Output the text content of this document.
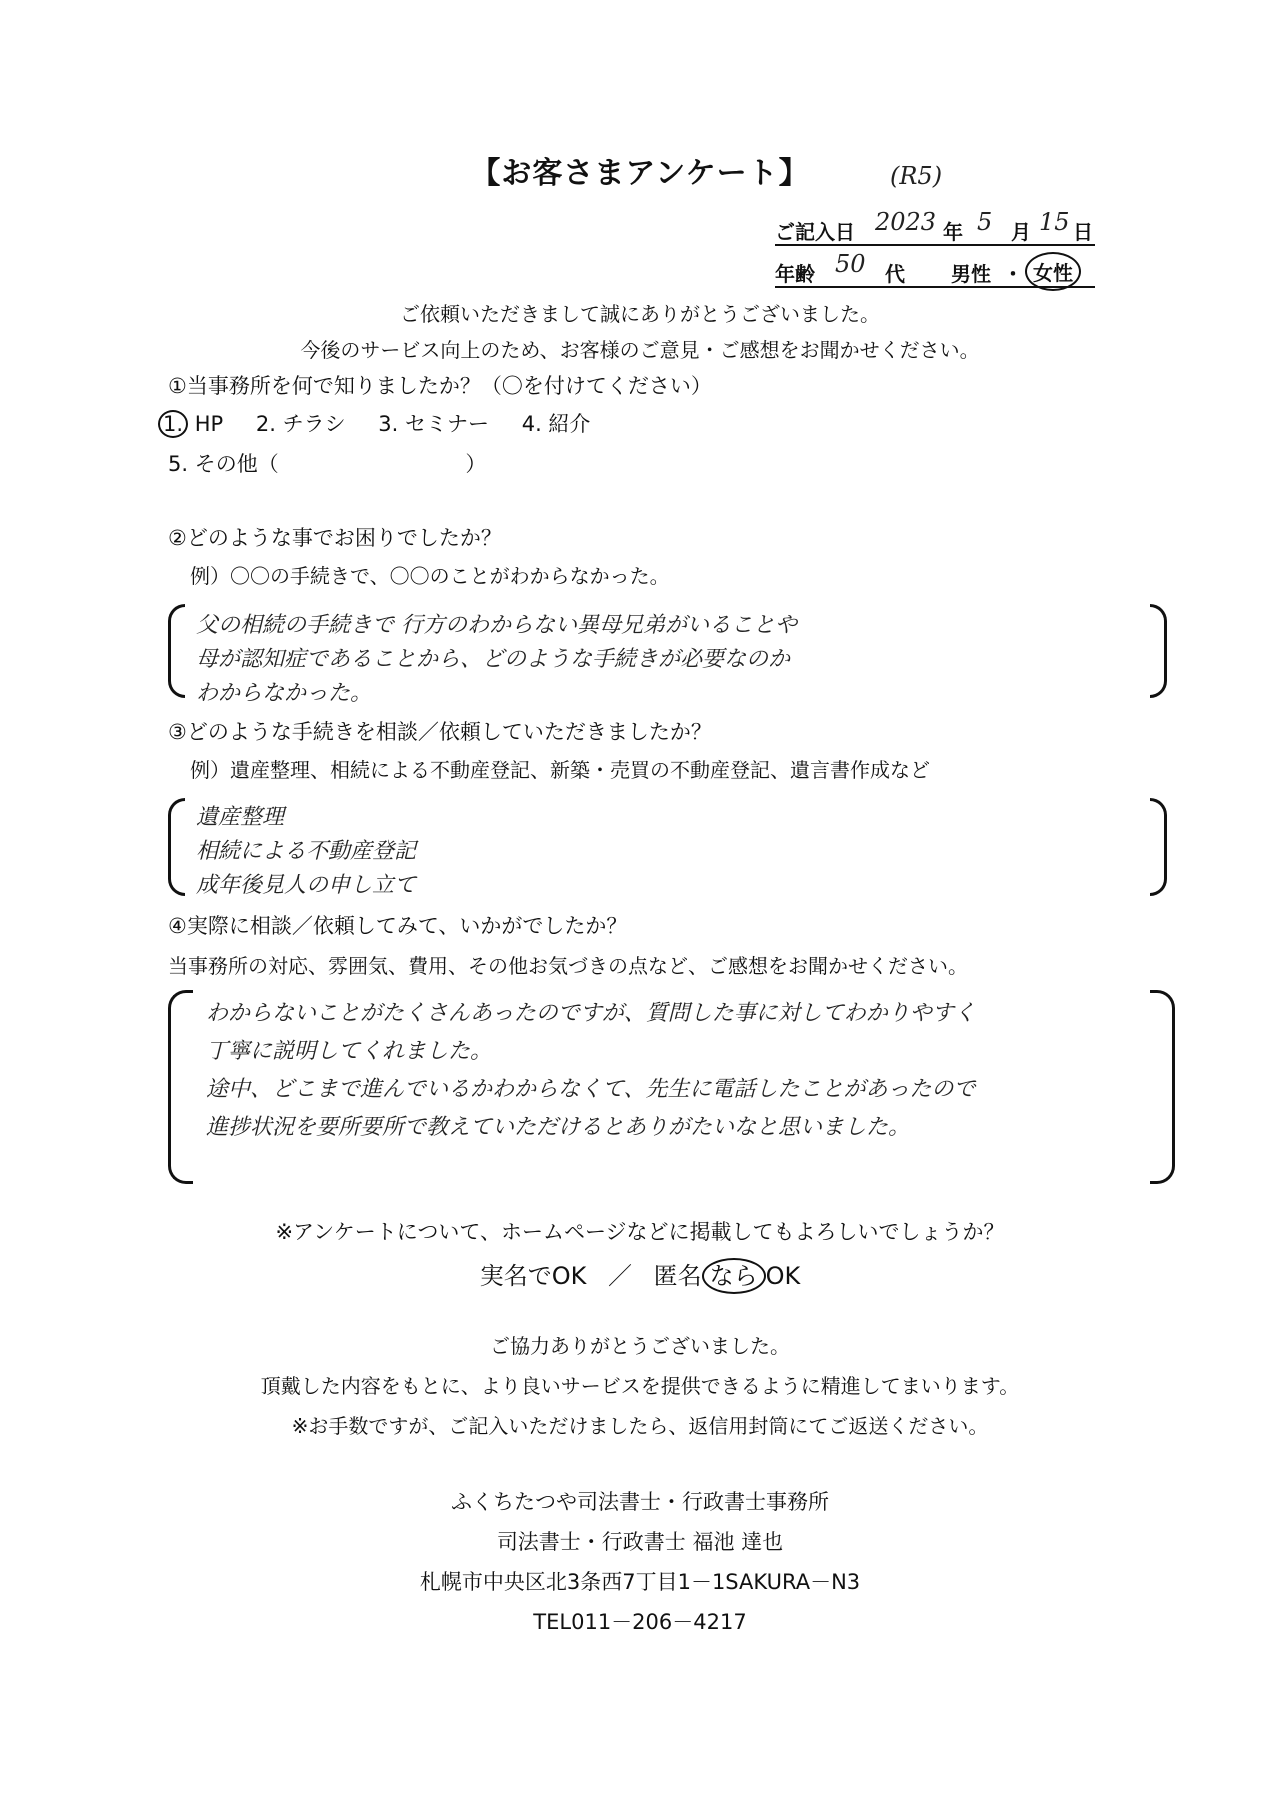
【お客さまアンケート】	(R5)
ご記入日 2023 年 5 月 15 日
年齢 50 代 男性 ・ 女性
ご依頼いただきまして誠にありがとうございました。
今後のサービス向上のため、お客様のご意見・ご感想をお聞かせください。
①当事務所を何で知りましたか？（〇を付けてください）
1. HP 2. チラシ 3. セミナー 4. 紹介
5. その他（	）
②どのような事でお困りでしたか？
例）〇〇の手続きで、〇〇のことがわからなかった。
父の相続の手続きで 行方のわからない異母兄弟がいることや
母が認知症であることから、どのような手続きが必要なのか
わからなかった。
③どのような手続きを相談／依頼していただきましたか？
例）遺産整理、相続による不動産登記、新築・売買の不動産登記、遺言書作成など
遺産整理
相続による不動産登記
成年後見人の申し立て
④実際に相談／依頼してみて、いかがでしたか？
当事務所の対応、雰囲気、費用、その他お気づきの点など、ご感想をお聞かせください。
わからないことがたくさんあったのですが、質問した事に対してわかりやすく
丁寧に説明してくれました。
途中、どこまで進んでいるかわからなくて、先生に電話したことがあったので
進捗状況を要所要所で教えていただけるとありがたいなと思いました。
※アンケートについて、ホームページなどに掲載してもよろしいでしょうか？
実名でOK ／ 匿名 なら OK
ご協力ありがとうございました。
頂戴した内容をもとに、より良いサービスを提供できるように精進してまいります。
※お手数ですが、ご記入いただけましたら、返信用封筒にてご返送ください。
ふくちたつや司法書士・行政書士事務所
司法書士・行政書士 福池 達也
札幌市中央区北3条西7丁目1－1SAKURA－N3
TEL011－206－4217
